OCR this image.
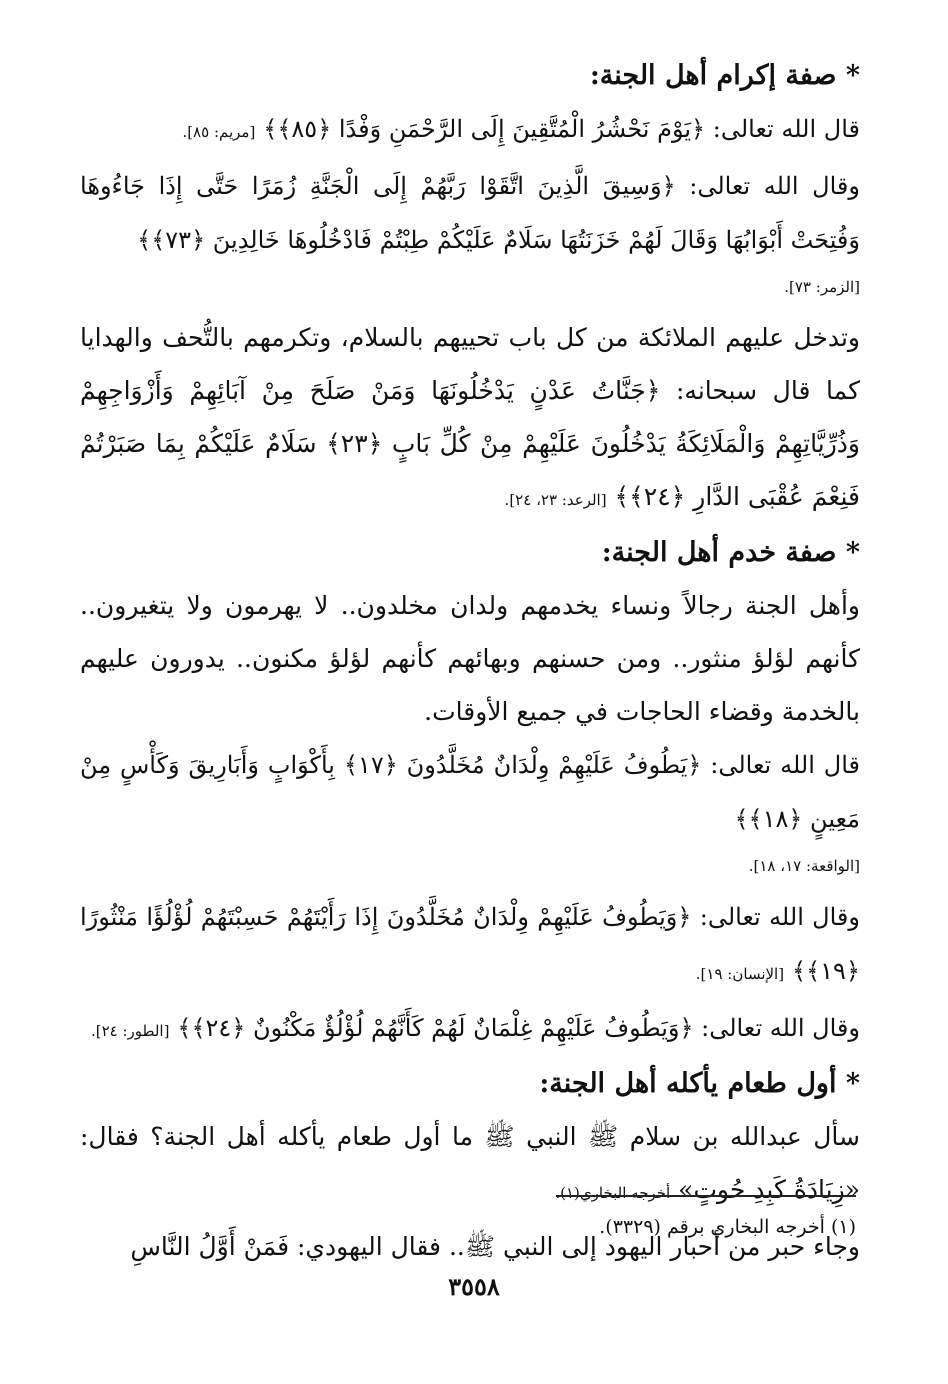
* صفة إكرام أهل الجنة:

قال الله تعالى: ﴿يَوْمَ نَحْشُرُ الْمُتَّقِينَ إِلَى الرَّحْمَنِ وَفْدًا ﴿٨٥﴾﴾ [مريم: ٨٥].

وقال الله تعالى: ﴿وَسِيقَ الَّذِينَ اتَّقَوْا رَبَّهُمْ إِلَى الْجَنَّةِ زُمَرًا حَتَّى إِذَا جَاءُوهَا وَفُتِحَتْ أَبْوَابُهَا وَقَالَ لَهُمْ خَزَنَتُهَا سَلَامٌ عَلَيْكُمْ طِبْتُمْ فَادْخُلُوهَا خَالِدِينَ ﴿٧٣﴾﴾

[الزمر: ٧٣].

وتدخل عليهم الملائكة من كل باب تحييهم بالسلام، وتكرمهم بالتُّحف والهدايا كما قال سبحانه: ﴿جَنَّاتُ عَدْنٍ يَدْخُلُونَهَا وَمَنْ صَلَحَ مِنْ آبَائِهِمْ وَأَزْوَاجِهِمْ وَذُرِّيَّاتِهِمْ وَالْمَلَائِكَةُ يَدْخُلُونَ عَلَيْهِمْ مِنْ كُلِّ بَابٍ ﴿٢٣﴾ سَلَامٌ عَلَيْكُمْ بِمَا صَبَرْتُمْ فَنِعْمَ عُقْبَى الدَّارِ ﴿٢٤﴾﴾ [الرعد: ٢٣، ٢٤].

* صفة خدم أهل الجنة:

وأهل الجنة رجالاً ونساء يخدمهم ولدان مخلدون.. لا يهرمون ولا يتغيرون.. كأنهم لؤلؤ منثور.. ومن حسنهم وبهائهم كأنهم لؤلؤ مكنون.. يدورون عليهم بالخدمة وقضاء الحاجات في جميع الأوقات.

قال الله تعالى: ﴿يَطُوفُ عَلَيْهِمْ وِلْدَانٌ مُخَلَّدُونَ ﴿١٧﴾ بِأَكْوَابٍ وَأَبَارِيقَ وَكَأْسٍ مِنْ مَعِينٍ ﴿١٨﴾﴾

[الواقعة: ١٧، ١٨].

وقال الله تعالى: ﴿وَيَطُوفُ عَلَيْهِمْ وِلْدَانٌ مُخَلَّدُونَ إِذَا رَأَيْتَهُمْ حَسِبْتَهُمْ لُؤْلُؤًا مَنْثُورًا ﴿١٩﴾﴾ [الإنسان: ١٩].

وقال الله تعالى: ﴿وَيَطُوفُ عَلَيْهِمْ غِلْمَانٌ لَهُمْ كَأَنَّهُمْ لُؤْلُؤٌ مَكْنُونٌ ﴿٢٤﴾﴾ [الطور: ٢٤].

* أول طعام يأكله أهل الجنة:

سأل عبدالله بن سلام ﷺ النبي ﷺ ما أول طعام يأكله أهل الجنة؟ فقال: «زِيَادَةُ كَبِدِ حُوتٍ» أخرجه البخاري(١).

وجاء حبر من أحبار اليهود إلى النبي ﷺ.. فقال اليهودي: فَمَنْ أَوَّلُ النَّاسِ

(١) أخرجه البخاري برقم (٣٣٢٩).
٣٥٥٨
